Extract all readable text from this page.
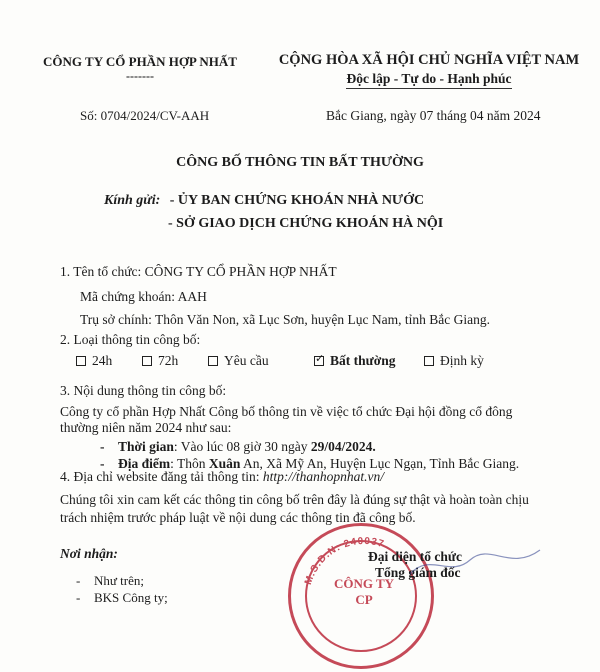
CÔNG TY CỔ PHẦN HỢP NHẤT
-------
CỘNG HÒA XÃ HỘI CHỦ NGHĨA VIỆT NAM
Độc lập - Tự do - Hạnh phúc
Số: 0704/2024/CV-AAH	Bắc Giang, ngày 07 tháng 04 năm 2024
CÔNG BỐ THÔNG TIN BẤT THƯỜNG
Kính gửi: - ỦY BAN CHỨNG KHOÁN NHÀ NƯỚC
- SỞ GIAO DỊCH CHỨNG KHOÁN HÀ NỘI
1. Tên tổ chức: CÔNG TY CỔ PHẦN HỢP NHẤT
Mã chứng khoán: AAH
Trụ sở chính: Thôn Văn Non, xã Lục Sơn, huyện Lục Nam, tỉnh Bắc Giang.
2. Loại thông tin công bố:
24h	72h	Yêu cầu
✓	Bất thường	Định kỳ
3. Nội dung thông tin công bố:
Công ty cổ phần Hợp Nhất Công bố thông tin về việc tổ chức Đại hội đồng cổ đông
thường niên năm 2024 như sau:
- Thời gian: Vào lúc 08 giờ 30 ngày 29/04/2024.
- Địa điểm: Thôn Xuân An, Xã Mỹ An, Huyện Lục Ngạn, Tỉnh Bắc Giang.
4. Địa chỉ website đăng tải thông tin: http://thanhopnhat.vn/
Chúng tôi xin cam kết các thông tin công bố trên đây là đúng sự thật và hoàn toàn chịu
trách nhiệm trước pháp luật về nội dung các thông tin đã công bố.
Nơi nhận:
- Như trên;
- BKS Công ty;
M.S.D.N: 240037
CÔNG TY
CP
Đại diện tổ chức
Tổng giám đốc
